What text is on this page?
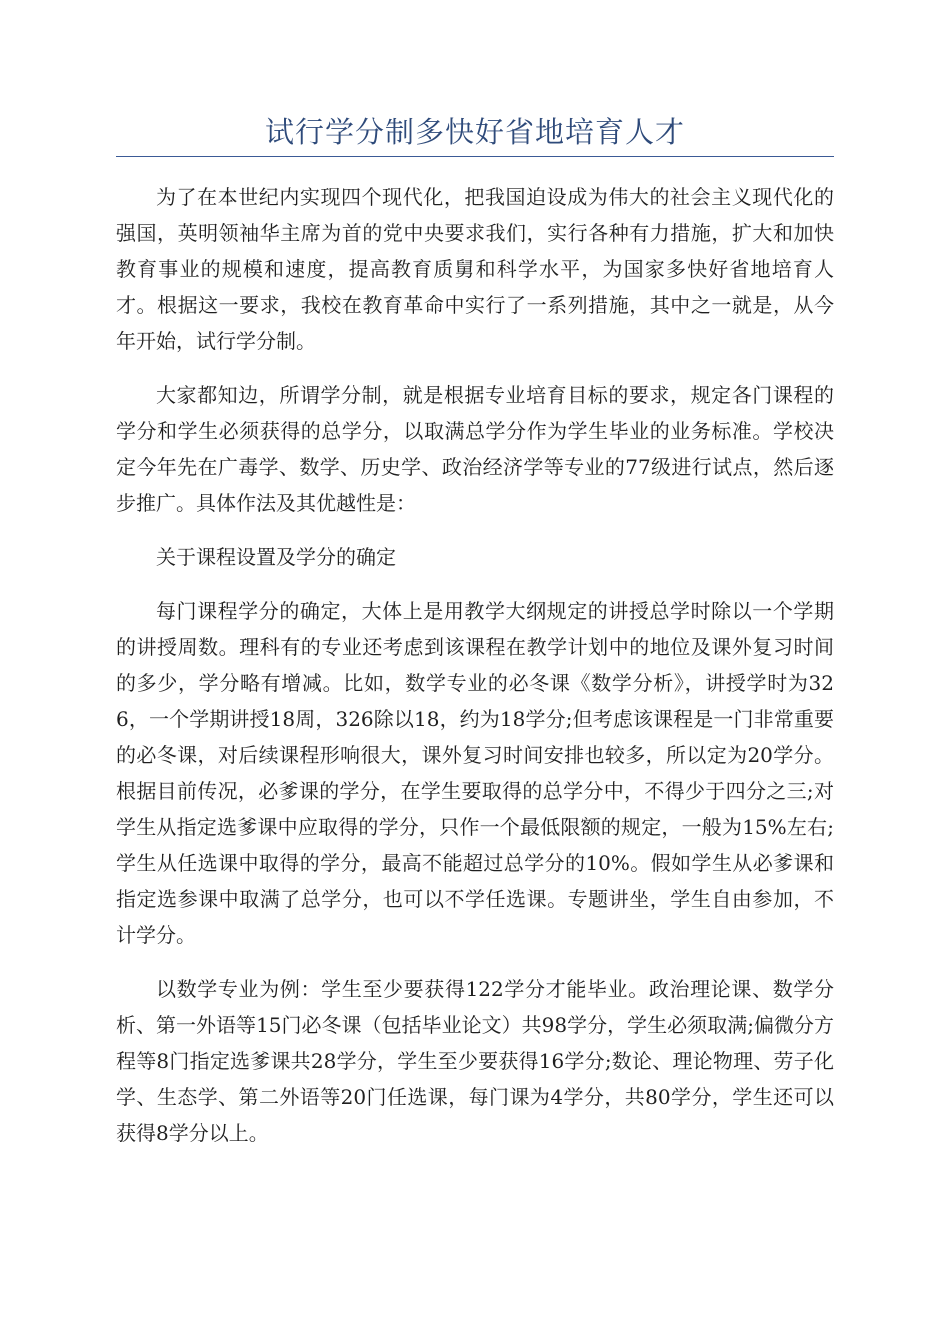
试行学分制多快好省地培育人才

为了在本世纪内实现四个现代化，把我国迫设成为伟大的社会主义现代化的强国，英明领袖华主席为首的党中央要求我们，实行各种有力措施，扩大和加快教育事业的规模和速度，提高教育质舅和科学水平，为国家多快好省地培育人才。根据这一要求，我校在教育革命中实行了一系列措施，其中之一就是，从今年开始，试行学分制。

大家都知边，所谓学分制，就是根据专业培育目标的要求，规定各门课程的学分和学生必须获得的总学分，以取满总学分作为学生毕业的业务标准。学校决定今年先在广毒学、数学、历史学、政治经济学等专业的77级进行试点，然后逐步推广。具体作法及其优越性是：

关于课程设置及学分的确定

每门课程学分的确定，大体上是用教学大纲规定的讲授总学时除以一个学期的讲授周数。理科有的专业还考虑到该课程在教学计划中的地位及课外复习时间的多少，学分略有增减。比如，数学专业的必冬课《数学分析》，讲授学时为326，一个学期讲授18周，326除以18，约为18学分;但考虑该课程是一门非常重要的必冬课，对后续课程形响很大，课外复习时间安排也较多，所以定为20学分。根据目前传况，必爹课的学分，在学生要取得的总学分中，不得少于四分之三;对学生从指定选爹课中应取得的学分，只作一个最低限额的规定，一般为15%左右;学生从任选课中取得的学分，最高不能超过总学分的10%。假如学生从必爹课和指定选参课中取满了总学分，也可以不学任选课。专题讲坐，学生自由参加，不计学分。

以数学专业为例：学生至少要获得122学分才能毕业。政治理论课、数学分析、第一外语等15门必冬课（包括毕业论文）共98学分，学生必须取满;偏微分方程等8门指定选爹课共28学分，学生至少要获得16学分;数论、理论物理、劳子化学、生态学、第二外语等20门任选课，每门课为4学分，共80学分，学生还可以获得8学分以上。
